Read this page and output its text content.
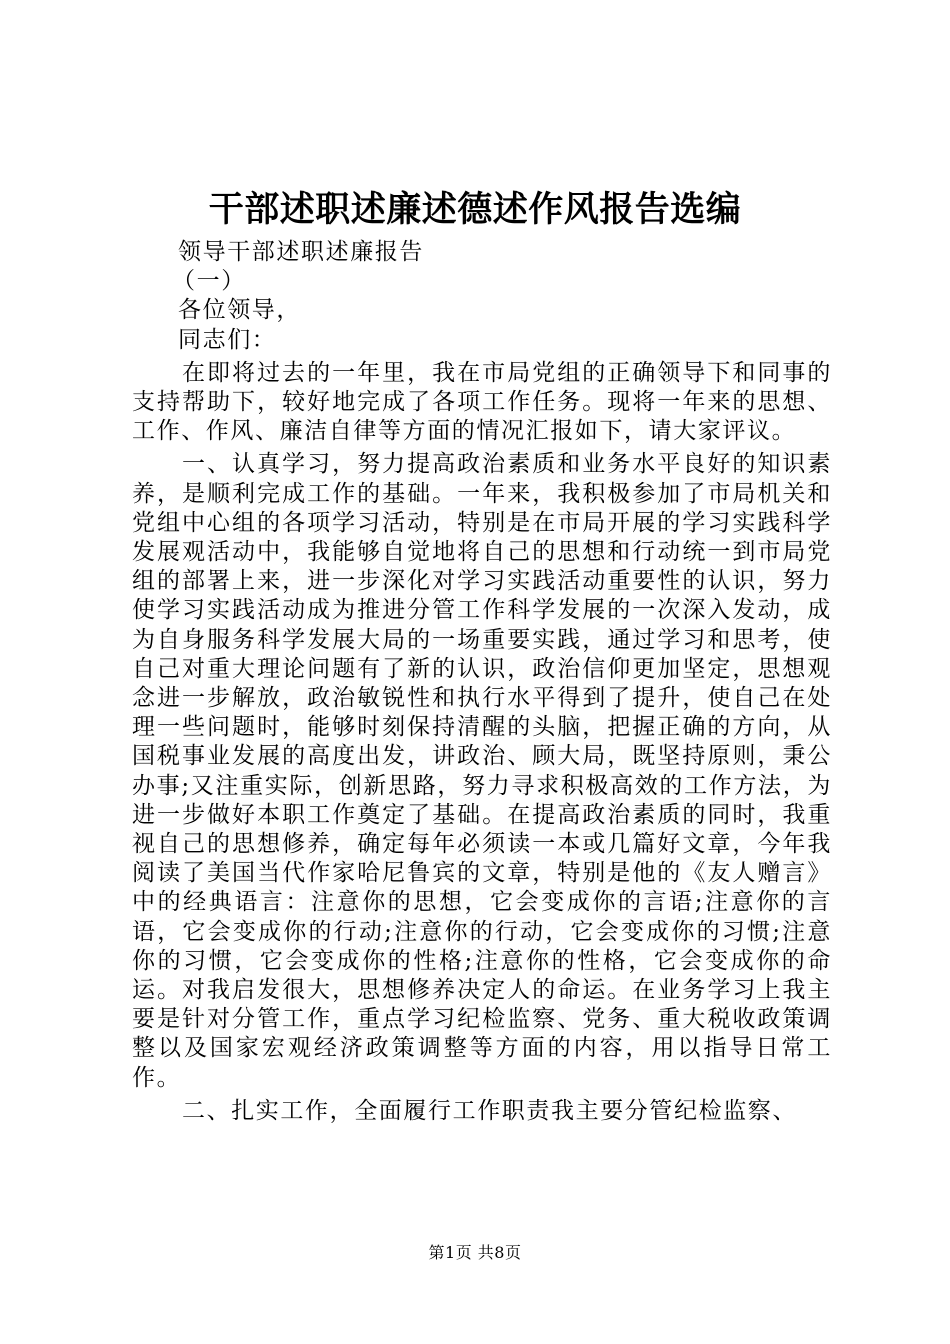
干部述职述廉述德述作风报告选编

领导干部述职述廉报告

（一）

各位领导，

同志们：

在即将过去的一年里，我在市局党组的正确领导下和同事的支持帮助下，较好地完成了各项工作任务。现将一年来的思想、工作、作风、廉洁自律等方面的情况汇报如下，请大家评议。

一、认真学习，努力提高政治素质和业务水平良好的知识素养，是顺利完成工作的基础。一年来，我积极参加了市局机关和党组中心组的各项学习活动，特别是在市局开展的学习实践科学发展观活动中，我能够自觉地将自己的思想和行动统一到市局党组的部署上来，进一步深化对学习实践活动重要性的认识，努力使学习实践活动成为推进分管工作科学发展的一次深入发动，成为自身服务科学发展大局的一场重要实践，通过学习和思考，使自己对重大理论问题有了新的认识，政治信仰更加坚定，思想观念进一步解放，政治敏锐性和执行水平得到了提升，使自己在处理一些问题时，能够时刻保持清醒的头脑，把握正确的方向，从国税事业发展的高度出发，讲政治、顾大局，既坚持原则，秉公办事;又注重实际，创新思路，努力寻求积极高效的工作方法，为进一步做好本职工作奠定了基础。在提高政治素质的同时，我重视自己的思想修养，确定每年必须读一本或几篇好文章，今年我阅读了美国当代作家哈尼鲁宾的文章，特别是他的《友人赠言》中的经典语言：注意你的思想，它会变成你的言语;注意你的言语，它会变成你的行动;注意你的行动，它会变成你的习惯;注意你的习惯，它会变成你的性格;注意你的性格，它会变成你的命运。对我启发很大，思想修养决定人的命运。在业务学习上我主要是针对分管工作，重点学习纪检监察、党务、重大税收政策调整以及国家宏观经济政策调整等方面的内容，用以指导日常工作。

二、扎实工作，全面履行工作职责我主要分管纪检监察、

第1页 共8页
